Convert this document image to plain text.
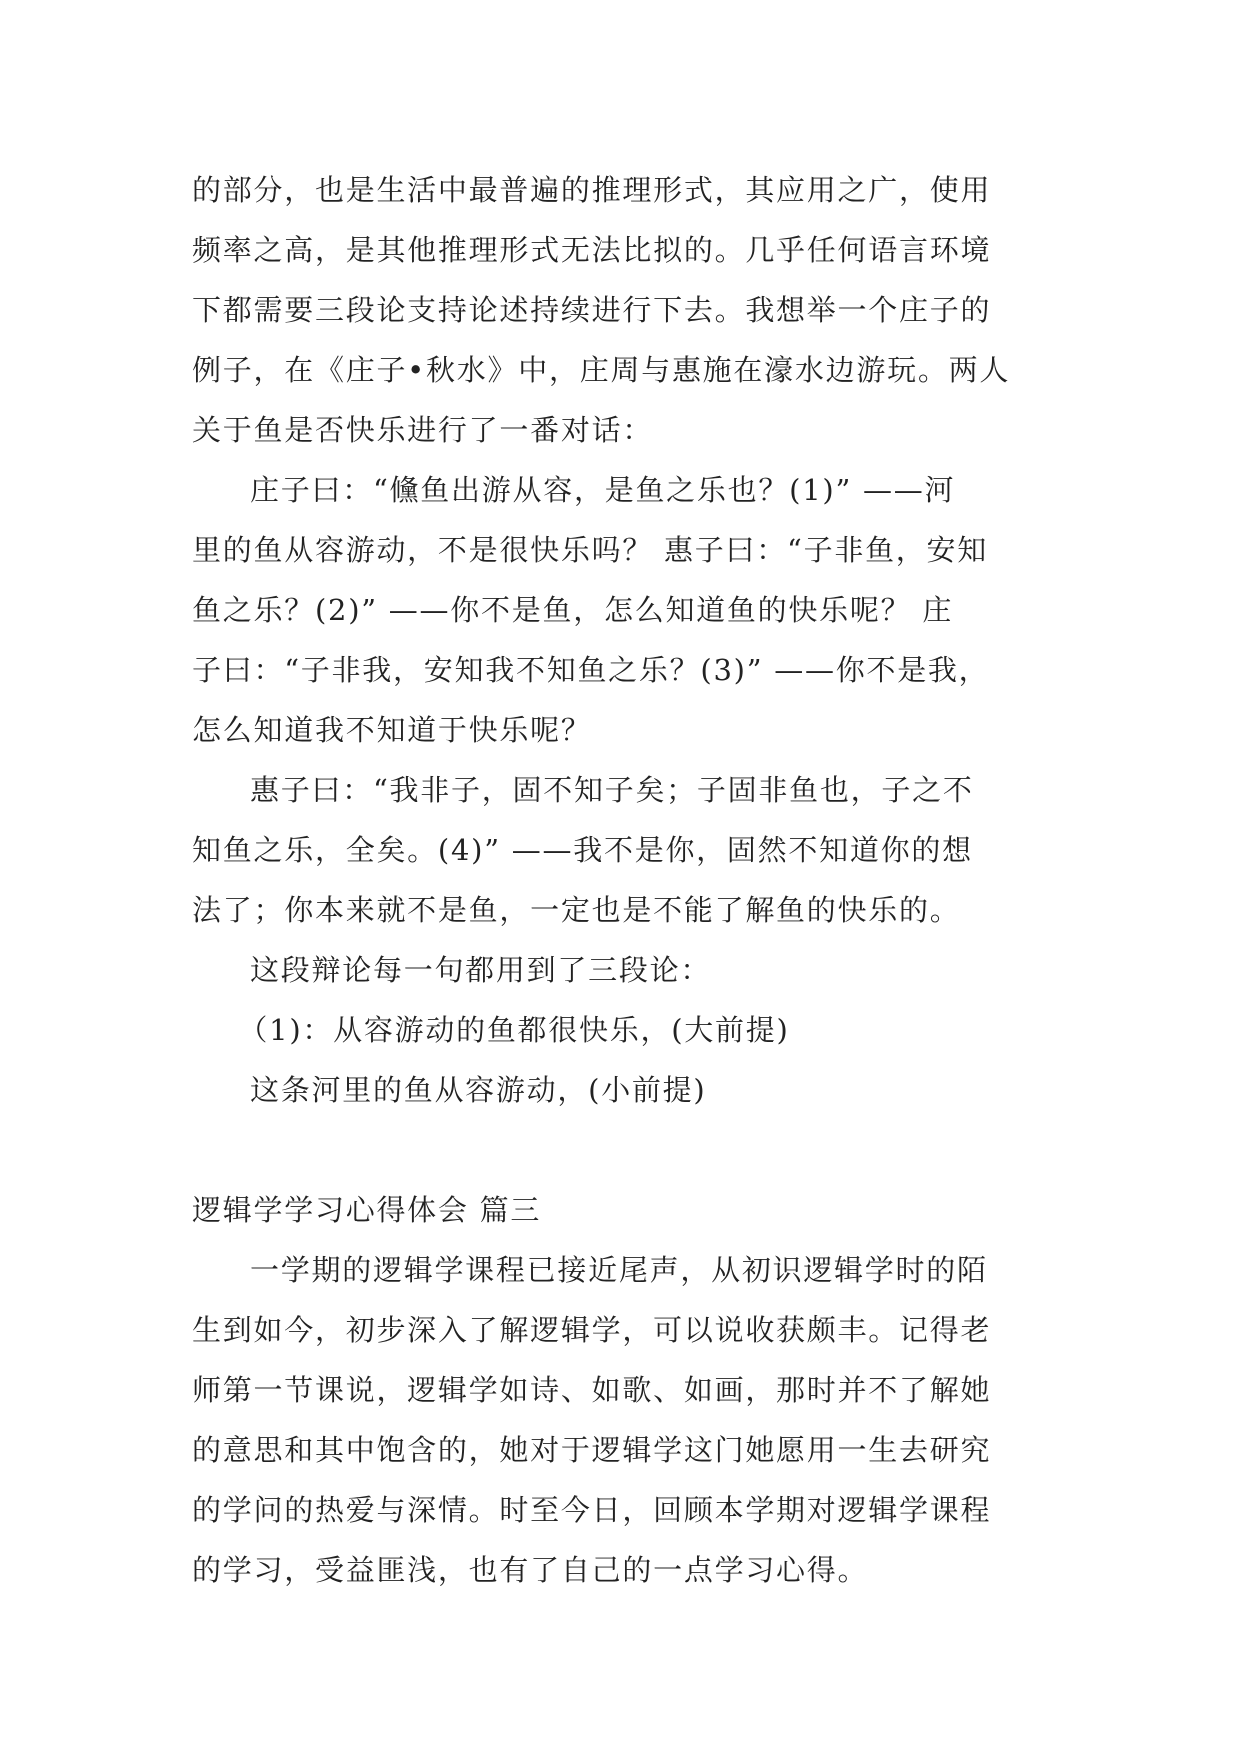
的部分，也是生活中最普遍的推理形式，其应用之广，使用
频率之高，是其他推理形式无法比拟的。几乎任何语言环境
下都需要三段论支持论述持续进行下去。我想举一个庄子的
例子，在《庄子•秋水》中，庄周与惠施在濠水边游玩。两人
关于鱼是否快乐进行了一番对话：

庄子曰：“儵鱼出游从容，是鱼之乐也？(1)” ——河
里的鱼从容游动，不是很快乐吗？ 惠子曰：“子非鱼，安知
鱼之乐？(2)” ——你不是鱼，怎么知道鱼的快乐呢？ 庄
子曰：“子非我，安知我不知鱼之乐？(3)” ——你不是我，
怎么知道我不知道于快乐呢？

惠子曰：“我非子，固不知子矣；子固非鱼也，子之不
知鱼之乐，全矣。(4)” ——我不是你，固然不知道你的想
法了；你本来就不是鱼，一定也是不能了解鱼的快乐的。

这段辩论每一句都用到了三段论：

（1)：从容游动的鱼都很快乐，(大前提)

这条河里的鱼从容游动，(小前提)

逻辑学学习心得体会 篇三

一学期的逻辑学课程已接近尾声，从初识逻辑学时的陌
生到如今，初步深入了解逻辑学，可以说收获颇丰。记得老
师第一节课说，逻辑学如诗、如歌、如画，那时并不了解她
的意思和其中饱含的，她对于逻辑学这门她愿用一生去研究
的学问的热爱与深情。时至今日，回顾本学期对逻辑学课程
的学习，受益匪浅，也有了自己的一点学习心得。
